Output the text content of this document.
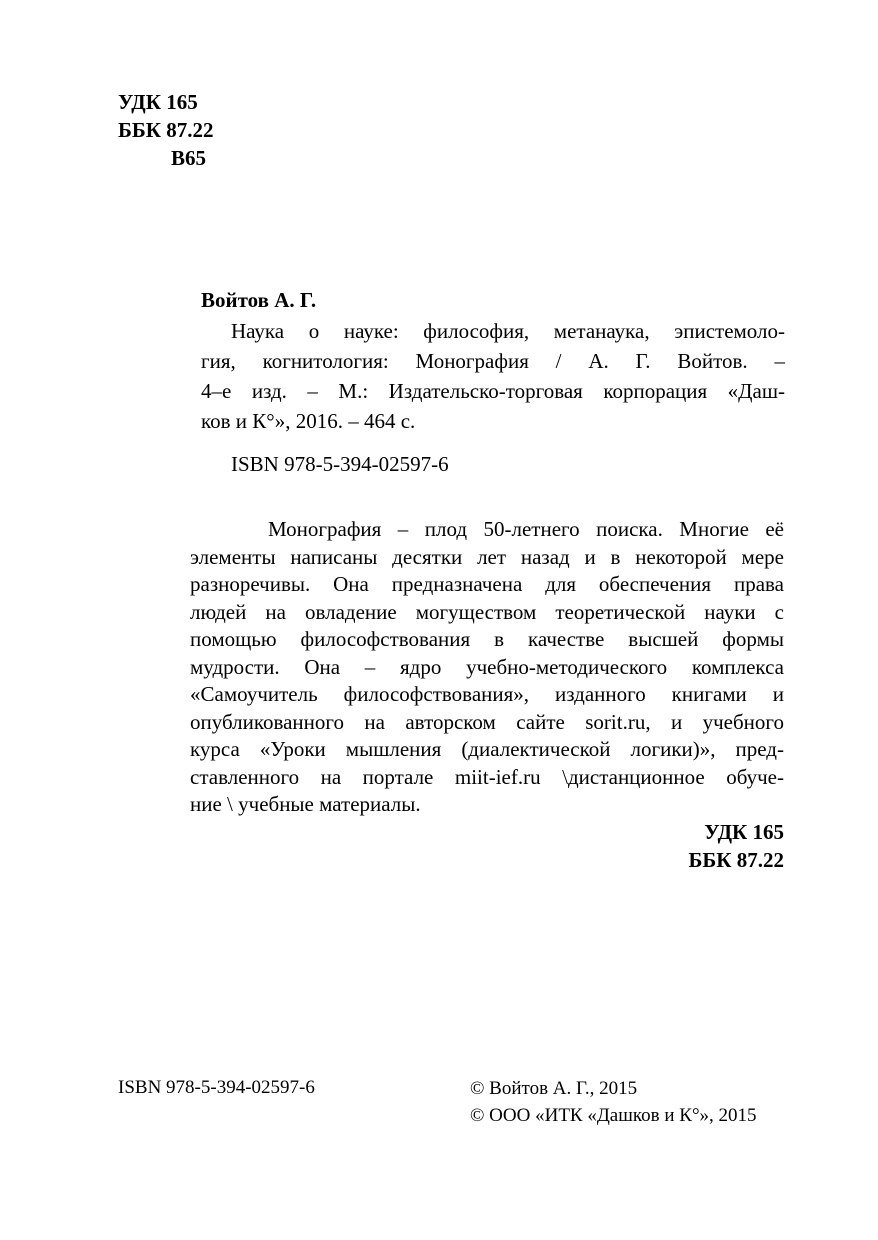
УДК 165
ББК 87.22
В65
Войтов А. Г.
Наука о науке: философия, метанаука, эпистемоло-
гия, когнитология: Монография / А. Г. Войтов. –
4–е изд. – М.: Издательско-торговая корпорация «Даш-
ков и К°», 2016. – 464 с.
ISBN 978-5-394-02597-6
Монография – плод 50-летнего поиска. Многие её
элементы написаны десятки лет назад и в некоторой мере
разноречивы. Она предназначена для обеспечения права
людей на овладение могуществом теоретической науки с
помощью философствования в качестве высшей формы
мудрости. Она – ядро учебно-методического комплекса
«Самоучитель философствования», изданного книгами и
опубликованного на авторском сайте sorit.ru, и учебного
курса «Уроки мышления (диалектической логики)», пред-
ставленного на портале miit-ief.ru \дистанционное обуче-
ние \ учебные материалы.
УДК 165
ББК 87.22
ISBN 978-5-394-02597-6	© Войтов А. Г., 2015
© ООО «ИТК «Дашков и К°», 2015
